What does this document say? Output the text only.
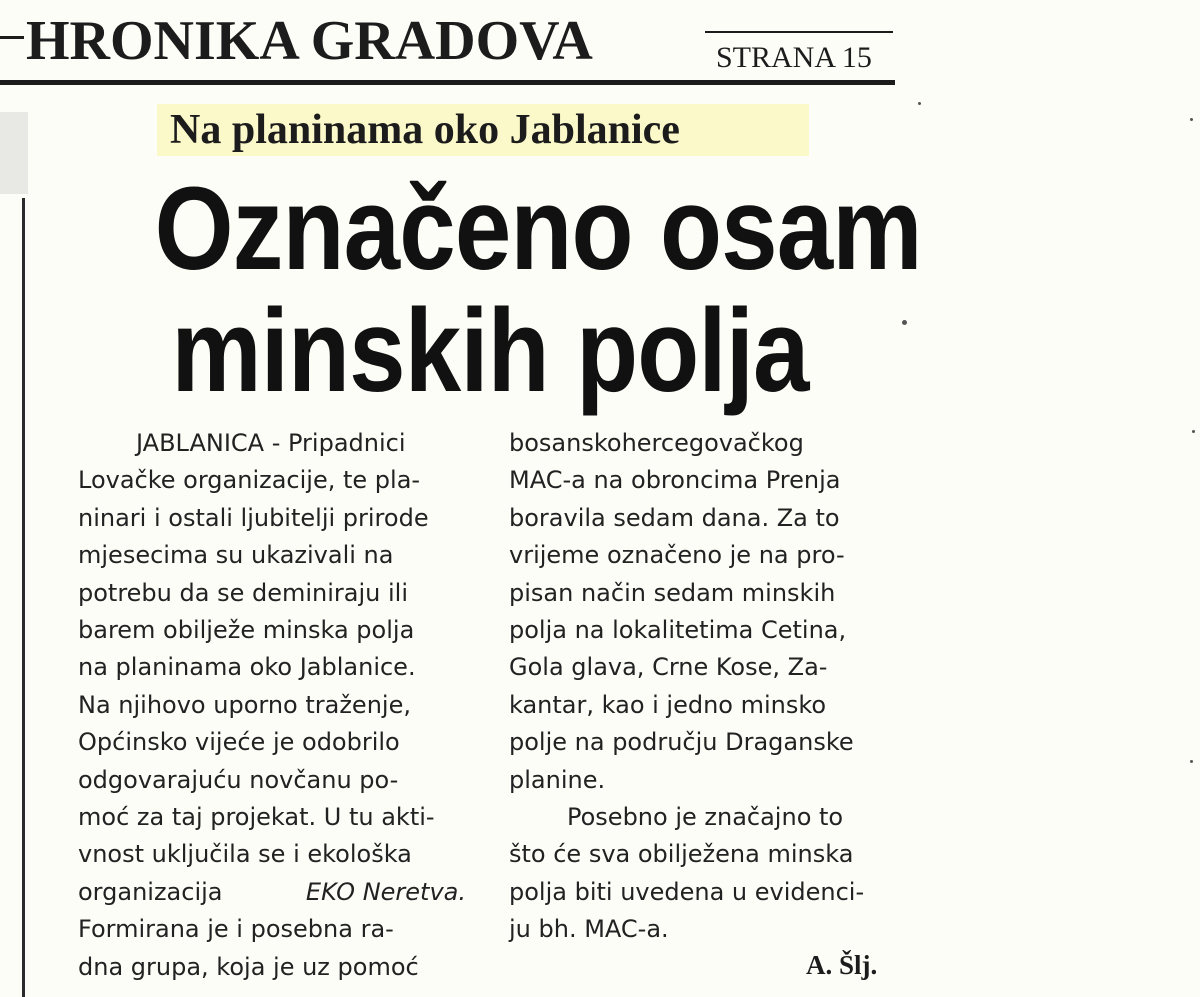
HRONIKA GRADOVA	STRANA 15
Na planinama oko Jablanice
Označeno osam
minskih polja
JABLANICA - Pripadnici
Lovačke organizacije, te pla-
ninari i ostali ljubitelji prirode
mjesecima su ukazivali na
potrebu da se deminiraju ili
barem obilježe minska polja
na planinama oko Jablanice.
Na njihovo uporno traženje,
Općinsko vijeće je odobrilo
odgovarajuću novčanu po-
moć za taj projekat. U tu akti-
vnost uključila se i ekološka
organizacija	EKO Neretva.
Formirana je i posebna ra-
dna grupa, koja je uz pomoć
bosanskohercegovačkog
MAC-a na obroncima Prenja
boravila sedam dana. Za to
vrijeme označeno je na pro-
pisan način sedam minskih
polja na lokalitetima Cetina,
Gola glava, Crne Kose, Za-
kantar, kao i jedno minsko
polje na području Draganske
planine.
Posebno je značajno to
što će sva obilježena minska
polja biti uvedena u evidenci-
ju bh. MAC-a.
A. Šlj.
